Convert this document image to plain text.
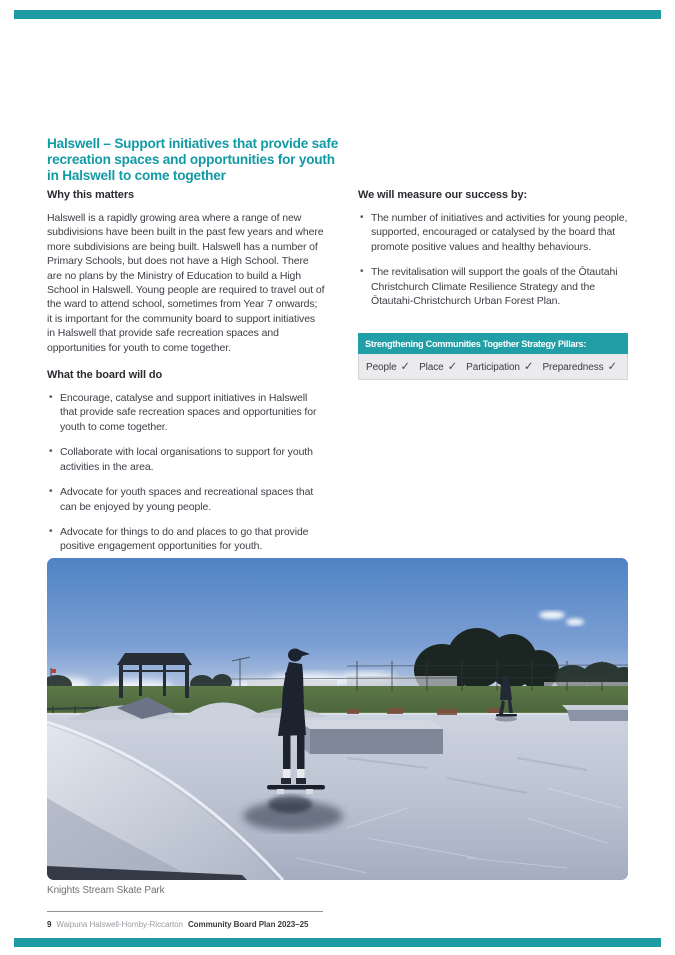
Halswell – Support initiatives that provide safe
recreation spaces and opportunities for youth
in Halswell to come together
Why this matters

Halswell is a rapidly growing area where a range of new subdivisions have been built in the past few years and where more subdivisions are being built. Halswell has a number of Primary Schools, but does not have a High School. There are no plans by the Ministry of Education to build a High School in Halswell. Young people are required to travel out of the ward to attend school, sometimes from Year 7 onwards; it is important for the community board to support initiatives in Halswell that provide safe recreation spaces and opportunities for youth to come together.

What the board will do
• Encourage, catalyse and support initiatives in Halswell that provide safe recreation spaces and opportunities for youth to come together.
• Collaborate with local organisations to support for youth activities in the area.
• Advocate for youth spaces and recreational spaces that can be enjoyed by young people.
• Advocate for things to do and places to go that provide positive engagement opportunities for youth.
We will measure our success by:
• The number of initiatives and activities for young people, supported, encouraged or catalysed by the board that promote positive values and healthy behaviours.
• The revitalisation will support the goals of the Ōtautahi Christchurch Climate Resilience Strategy and the Ōtautahi-Christchurch Urban Forest Plan.
Strengthening Communities Together Strategy Pillars:
People ✓ Place ✓ Participation ✓ Preparedness ✓
Knights Stream Skate Park
9 Waipuna Halswell-Hornby-Riccarton Community Board Plan 2023–25
